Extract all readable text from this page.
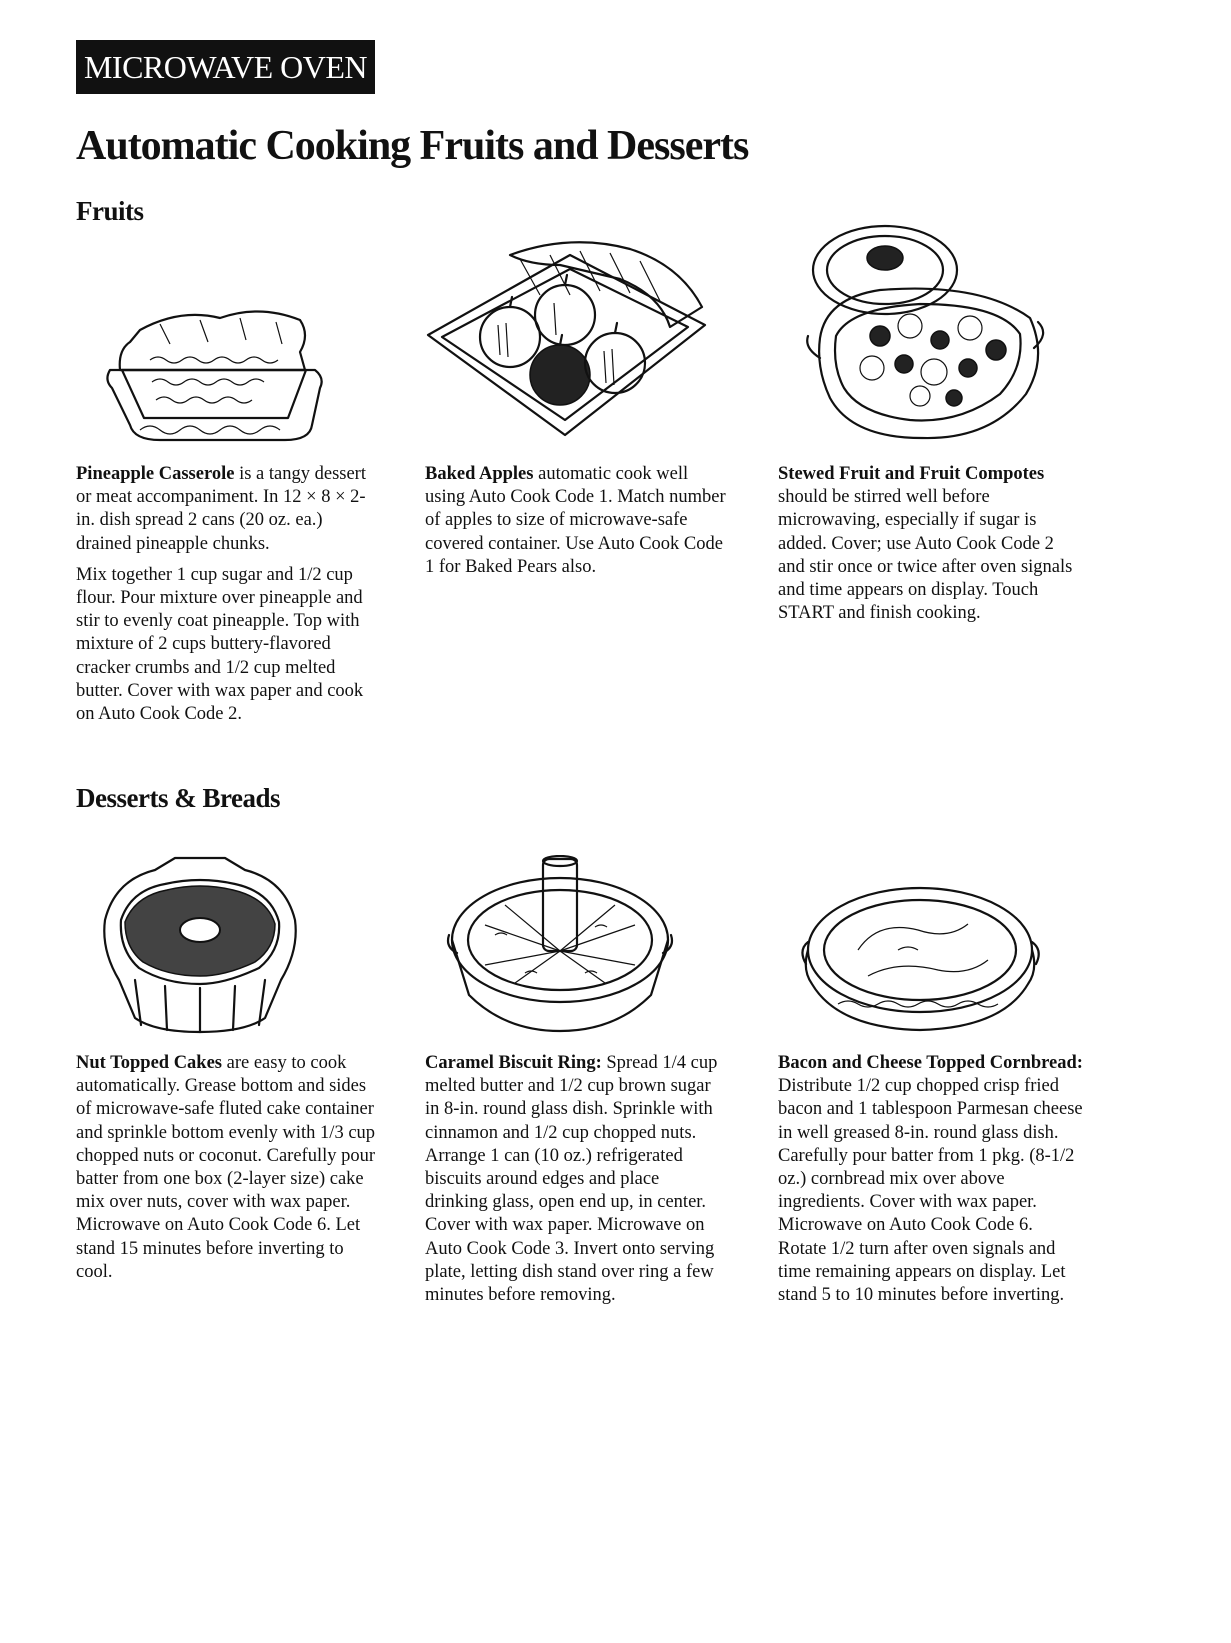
MICROWAVE OVEN
Automatic Cooking Fruits and Desserts
Fruits

Pineapple Casserole is a tangy dessert or meat accompaniment. In 12 × 8 × 2-in. dish spread 2 cans (20 oz. ea.) drained pineapple chunks.

Mix together 1 cup sugar and 1/2 cup flour. Pour mixture over pineapple and stir to evenly coat pineapple. Top with mixture of 2 cups buttery-flavored cracker crumbs and 1/2 cup melted butter. Cover with wax paper and cook on Auto Cook Code 2.

Baked Apples automatic cook well using Auto Cook Code 1. Match number of apples to size of microwave-safe covered container. Use Auto Cook Code 1 for Baked Pears also.

Stewed Fruit and Fruit Compotes should be stirred well before microwaving, especially if sugar is added. Cover; use Auto Cook Code 2 and stir once or twice after oven signals and time appears on display. Touch START and finish cooking.

Desserts & Breads

Nut Topped Cakes are easy to cook automatically. Grease bottom and sides of microwave-safe fluted cake container and sprinkle bottom evenly with 1/3 cup chopped nuts or coconut. Carefully pour batter from one box (2-layer size) cake mix over nuts, cover with wax paper. Microwave on Auto Cook Code 6. Let stand 15 minutes before inverting to cool.

Caramel Biscuit Ring: Spread 1/4 cup melted butter and 1/2 cup brown sugar in 8-in. round glass dish. Sprinkle with cinnamon and 1/2 cup chopped nuts. Arrange 1 can (10 oz.) refrigerated biscuits around edges and place drinking glass, open end up, in center. Cover with wax paper. Microwave on Auto Cook Code 3. Invert onto serving plate, letting dish stand over ring a few minutes before removing.

Bacon and Cheese Topped Cornbread: Distribute 1/2 cup chopped crisp fried bacon and 1 tablespoon Parmesan cheese in well greased 8-in. round glass dish. Carefully pour batter from 1 pkg. (8-1/2 oz.) cornbread mix over above ingredients. Cover with wax paper. Microwave on Auto Cook Code 6. Rotate 1/2 turn after oven signals and time remaining appears on display. Let stand 5 to 10 minutes before inverting.
